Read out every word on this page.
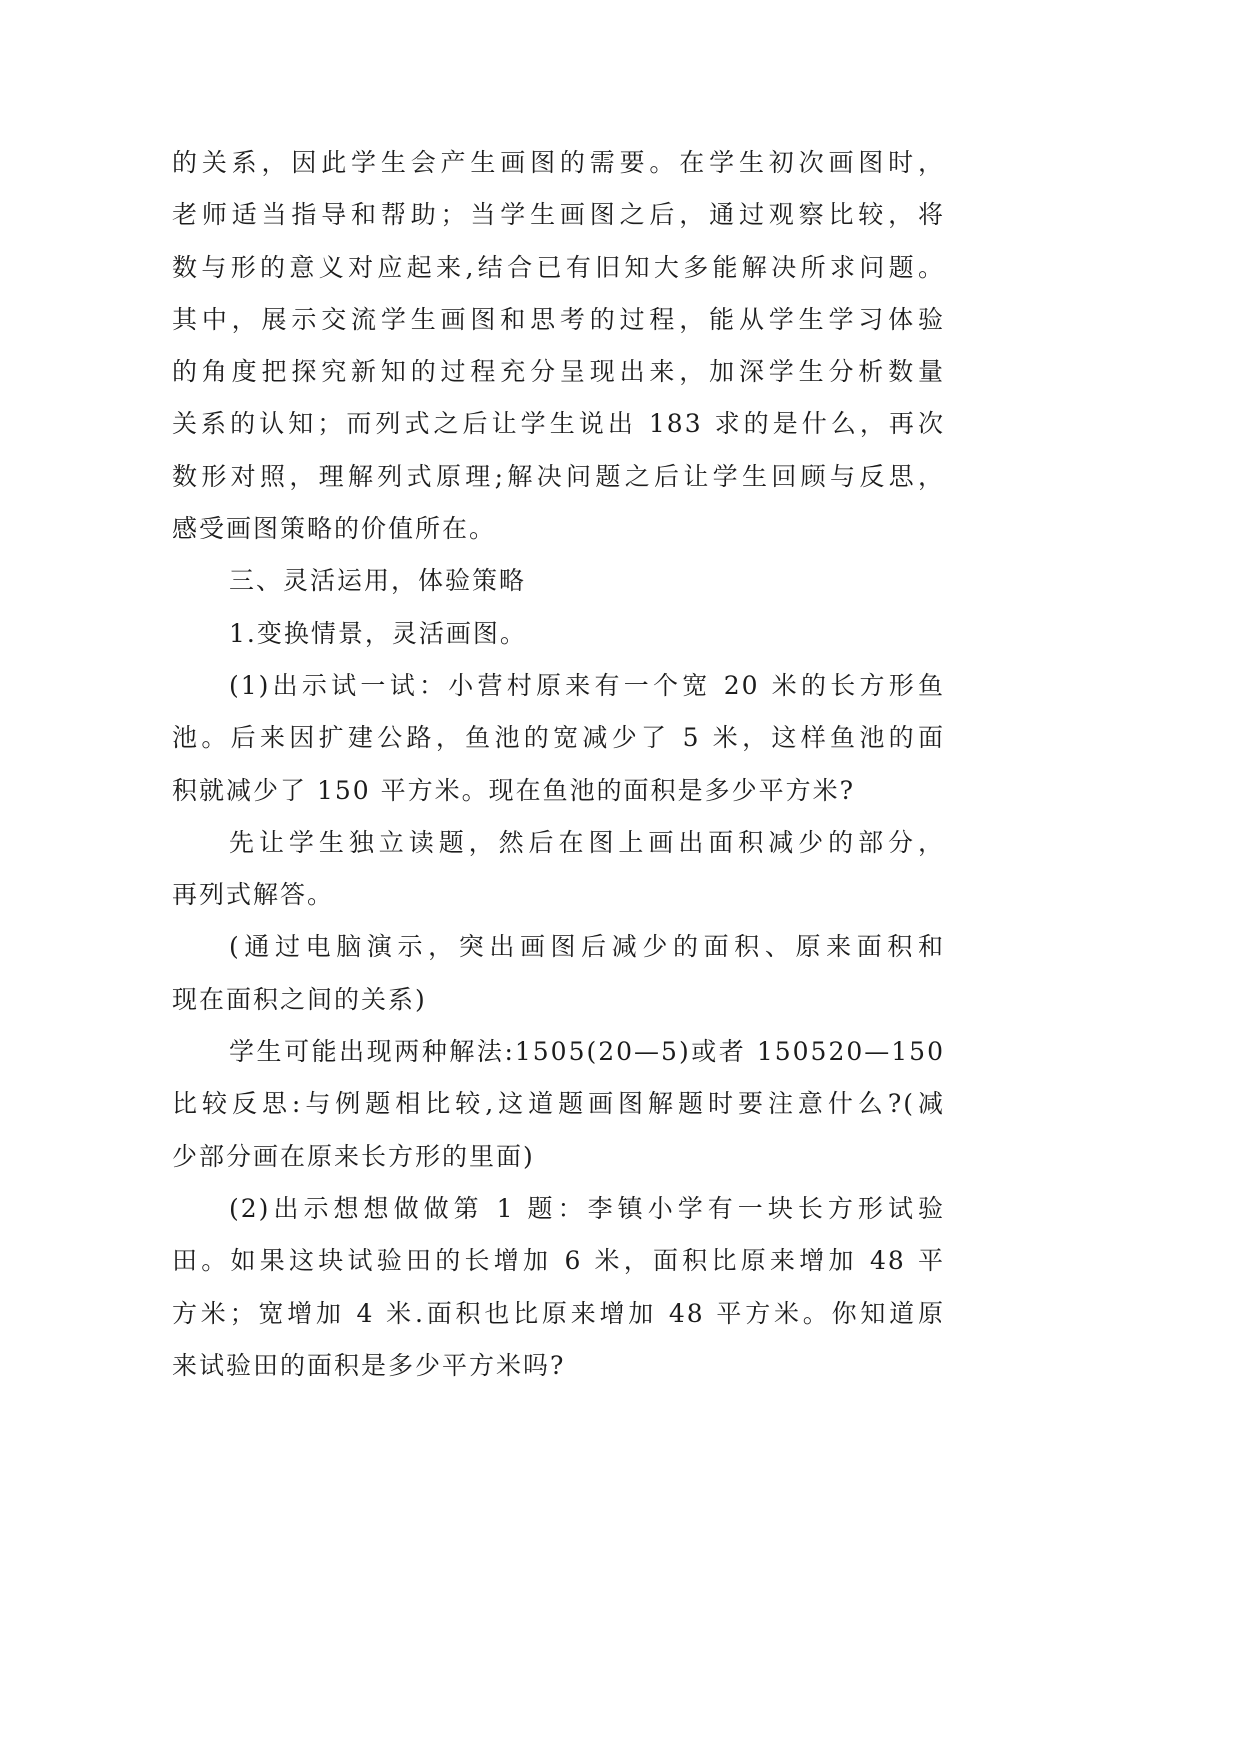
的关系，因此学生会产生画图的需要。在学生初次画图时，
老师适当指导和帮助；当学生画图之后，通过观察比较，将
数与形的意义对应起来,结合已有旧知大多能解决所求问题。
其中，展示交流学生画图和思考的过程，能从学生学习体验
的角度把探究新知的过程充分呈现出来，加深学生分析数量
关系的认知；而列式之后让学生说出 183 求的是什么，再次
数形对照，理解列式原理;解决问题之后让学生回顾与反思，
感受画图策略的价值所在。
三、灵活运用，体验策略
1.变换情景，灵活画图。
(1)出示试一试：小营村原来有一个宽 20 米的长方形鱼
池。后来因扩建公路，鱼池的宽减少了 5 米，这样鱼池的面
积就减少了 150 平方米。现在鱼池的面积是多少平方米?
先让学生独立读题，然后在图上画出面积减少的部分，
再列式解答。
(通过电脑演示，突出画图后减少的面积、原来面积和
现在面积之间的关系)
学生可能出现两种解法:1505(20—5)或者 150520—150
比较反思:与例题相比较,这道题画图解题时要注意什么?(减
少部分画在原来长方形的里面)
(2)出示想想做做第 1 题：李镇小学有一块长方形试验
田。如果这块试验田的长增加 6 米，面积比原来增加 48 平
方米；宽增加 4 米.面积也比原来增加 48 平方米。你知道原
来试验田的面积是多少平方米吗?
